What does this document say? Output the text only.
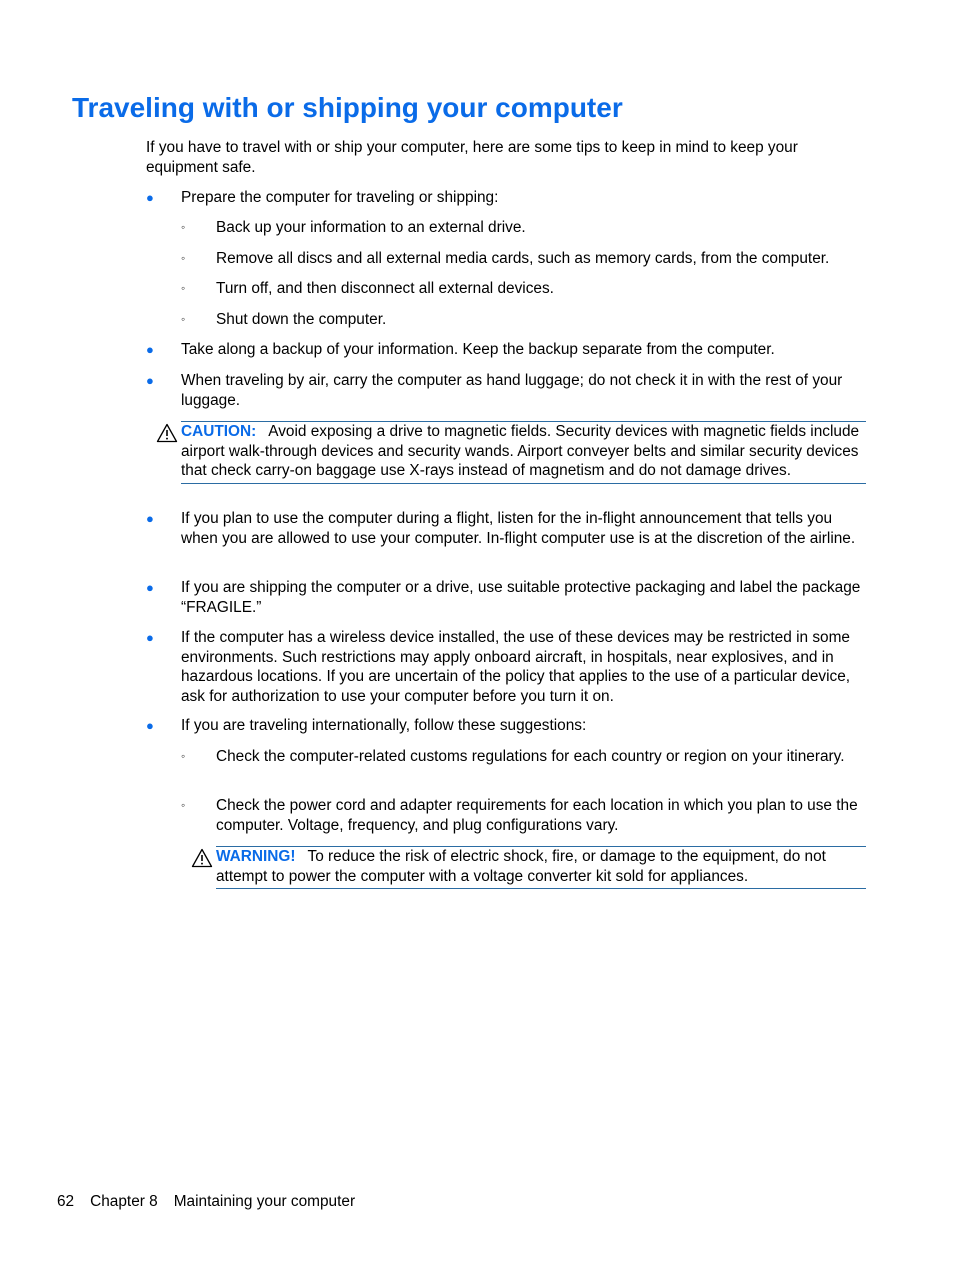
Traveling with or shipping your computer

If you have to travel with or ship your computer, here are some tips to keep in mind to keep your equipment safe.

● Prepare the computer for traveling or shipping:
◦ Back up your information to an external drive.
◦ Remove all discs and all external media cards, such as memory cards, from the computer.
◦ Turn off, and then disconnect all external devices.
◦ Shut down the computer.
● Take along a backup of your information. Keep the backup separate from the computer.
● When traveling by air, carry the computer as hand luggage; do not check it in with the rest of your luggage.
CAUTION: Avoid exposing a drive to magnetic fields. Security devices with magnetic fields include airport walk-through devices and security wands. Airport conveyer belts and similar security devices that check carry-on baggage use X-rays instead of magnetism and do not damage drives.
● If you plan to use the computer during a flight, listen for the in-flight announcement that tells you when you are allowed to use your computer. In-flight computer use is at the discretion of the airline.
● If you are shipping the computer or a drive, use suitable protective packaging and label the package “FRAGILE.”
● If the computer has a wireless device installed, the use of these devices may be restricted in some environments. Such restrictions may apply onboard aircraft, in hospitals, near explosives, and in hazardous locations. If you are uncertain of the policy that applies to the use of a particular device, ask for authorization to use your computer before you turn it on.
● If you are traveling internationally, follow these suggestions:
◦ Check the computer-related customs regulations for each country or region on your itinerary.
◦ Check the power cord and adapter requirements for each location in which you plan to use the computer. Voltage, frequency, and plug configurations vary.
WARNING! To reduce the risk of electric shock, fire, or damage to the equipment, do not attempt to power the computer with a voltage converter kit sold for appliances.
62 Chapter 8 Maintaining your computer
